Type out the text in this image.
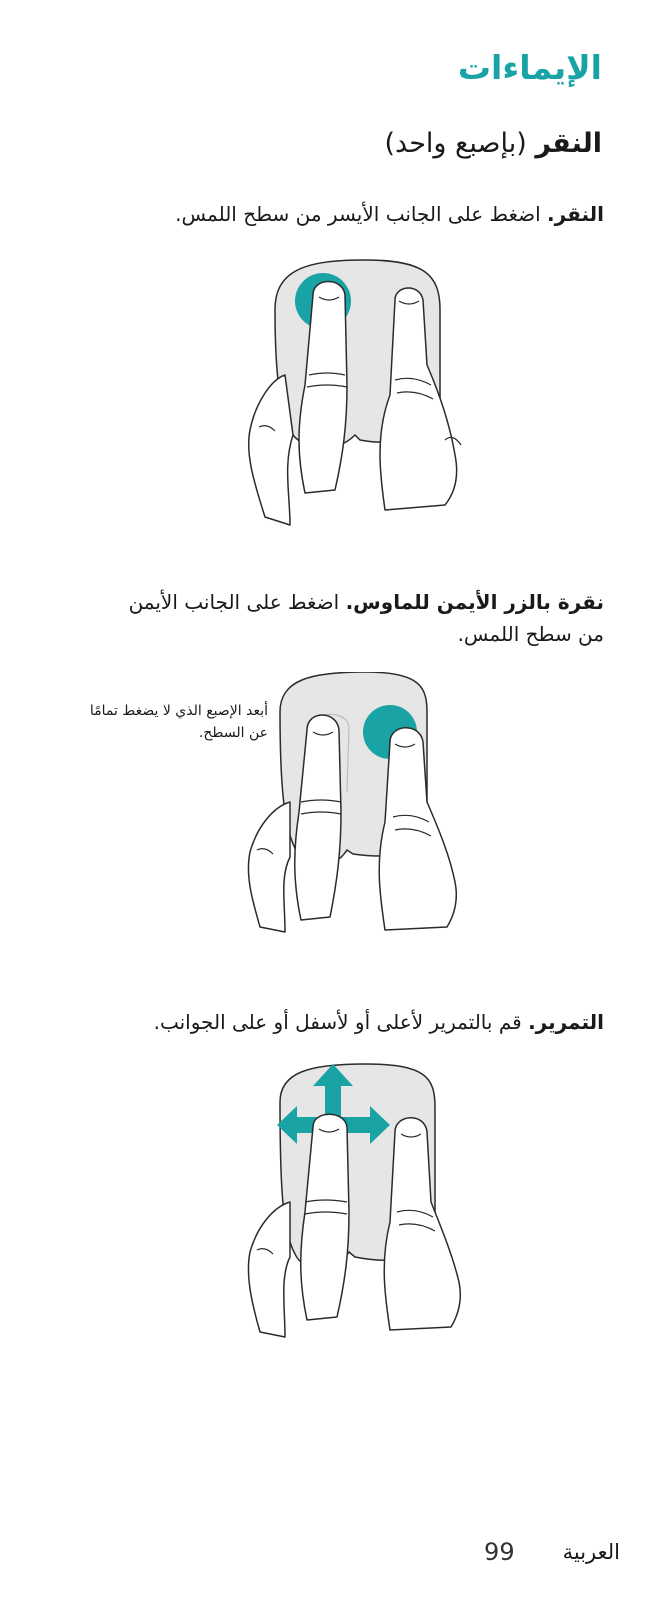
الإيماءات
النقر (بإصبع واحد)

النقر. اضغط على الجانب الأيسر من سطح اللمس.

نقرة بالزر الأيمن للماوس. اضغط على الجانب الأيمن من سطح اللمس.

أبعد الإصبع الذي لا يضغط تمامًا عن السطح.

التمرير. قم بالتمرير لأعلى أو لأسفل أو على الجوانب.

99 العربية
